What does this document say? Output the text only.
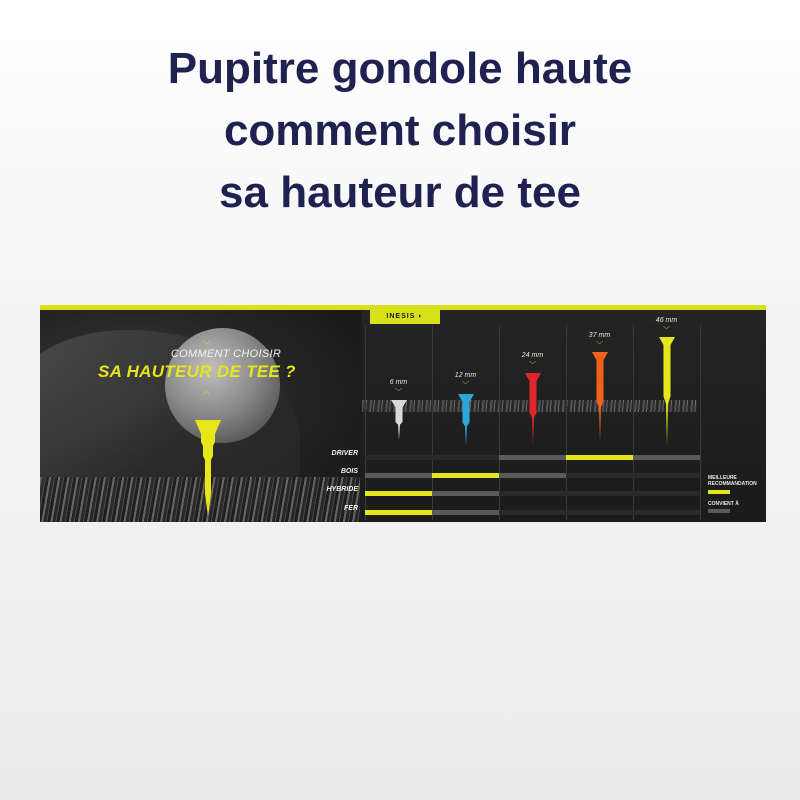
Pupitre gondole haute
comment choisir
sa hauteur de tee
﹀
︿
COMMENT CHOISIR
SA HAUTEUR DE TEE ?
INESIS ◐
MEILLEURE
RECOMMANDATION
CONVIENT À
6 mm
﹀
12 mm
﹀
24 mm
﹀
37 mm
﹀
46 mm
﹀
DRIVER
BOIS
HYBRIDE
FER
